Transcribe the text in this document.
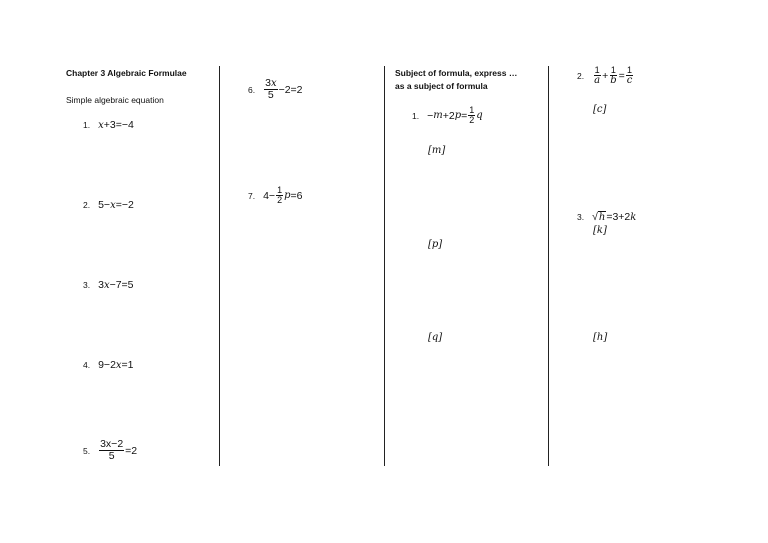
Chapter 3 Algebraic Formulae
Simple algebraic equation
1. x +3=−4
2. 5− x =−2
3. 3 x −7=5
4. 9−2 x =1
5. $\frac{3x-2}{5} =2$
6. $\frac{3x}{5} -2=2$
7. $4- \frac{1}{2}$ p =6
Subject of formula, express …
as a subject of formula
1. − m +2 $p = \frac{1}{2}$ q
[m]
[p]
[q]
2. $\frac{1}{a} + \frac{1}{b} = \frac{1}{c}$
[c]
3. √ h =3+2 k
[k]
[h]
